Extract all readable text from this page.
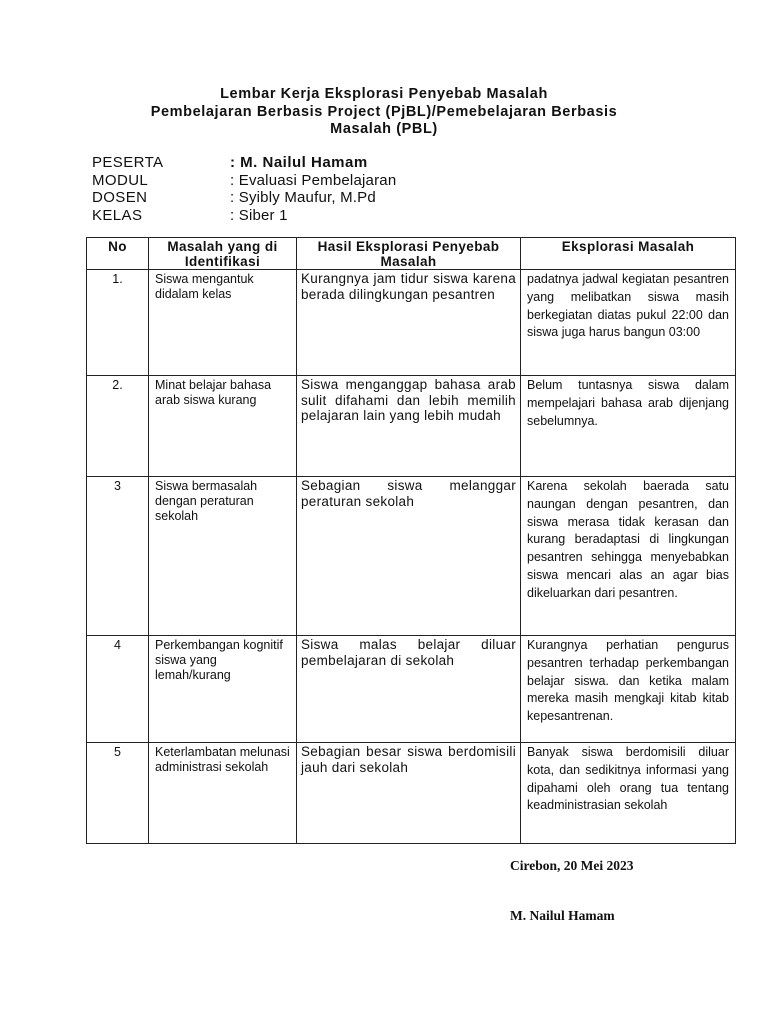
Lembar Kerja Eksplorasi Penyebab Masalah
Pembelajaran Berbasis Project (PjBL)/Pemebelajaran Berbasis
Masalah (PBL)
PESERTA	: M. Nailul Hamam
MODUL	: Evaluasi Pembelajaran
DOSEN	: Syibly Maufur, M.Pd
KELAS	: Siber 1
No	Masalah yang di Identifikasi	Hasil Eksplorasi Penyebab Masalah	Eksplorasi Masalah
1.	Siswa mengantuk didalam kelas	Kurangnya jam tidur siswa karena berada dilingkungan pesantren	padatnya jadwal kegiatan pesantren yang melibatkan siswa masih berkegiatan diatas pukul 22:00 dan siswa juga harus bangun 03:00
2.	Minat belajar bahasa arab siswa kurang	Siswa menganggap bahasa arab sulit difahami dan lebih memilih pelajaran lain yang lebih mudah	Belum tuntasnya siswa dalam mempelajari bahasa arab dijenjang sebelumnya.
3	Siswa bermasalah dengan peraturan sekolah	Sebagian siswa melanggar peraturan sekolah	Karena sekolah baerada satu naungan dengan pesantren, dan siswa merasa tidak kerasan dan kurang beradaptasi di lingkungan pesantren sehingga menyebabkan siswa mencari alas an agar bias dikeluarkan dari pesantren.
4	Perkembangan kognitif siswa yang lemah/kurang	Siswa malas belajar diluar pembelajaran di sekolah	Kurangnya perhatian pengurus pesantren terhadap perkembangan belajar siswa. dan ketika malam mereka masih mengkaji kitab kitab kepesantrenan.
5	Keterlambatan melunasi administrasi sekolah	Sebagian besar siswa berdomisili jauh dari sekolah	Banyak siswa berdomisili diluar kota, dan sedikitnya informasi yang dipahami oleh orang tua tentang keadministrasian sekolah
Cirebon, 20 Mei 2023
M. Nailul Hamam
